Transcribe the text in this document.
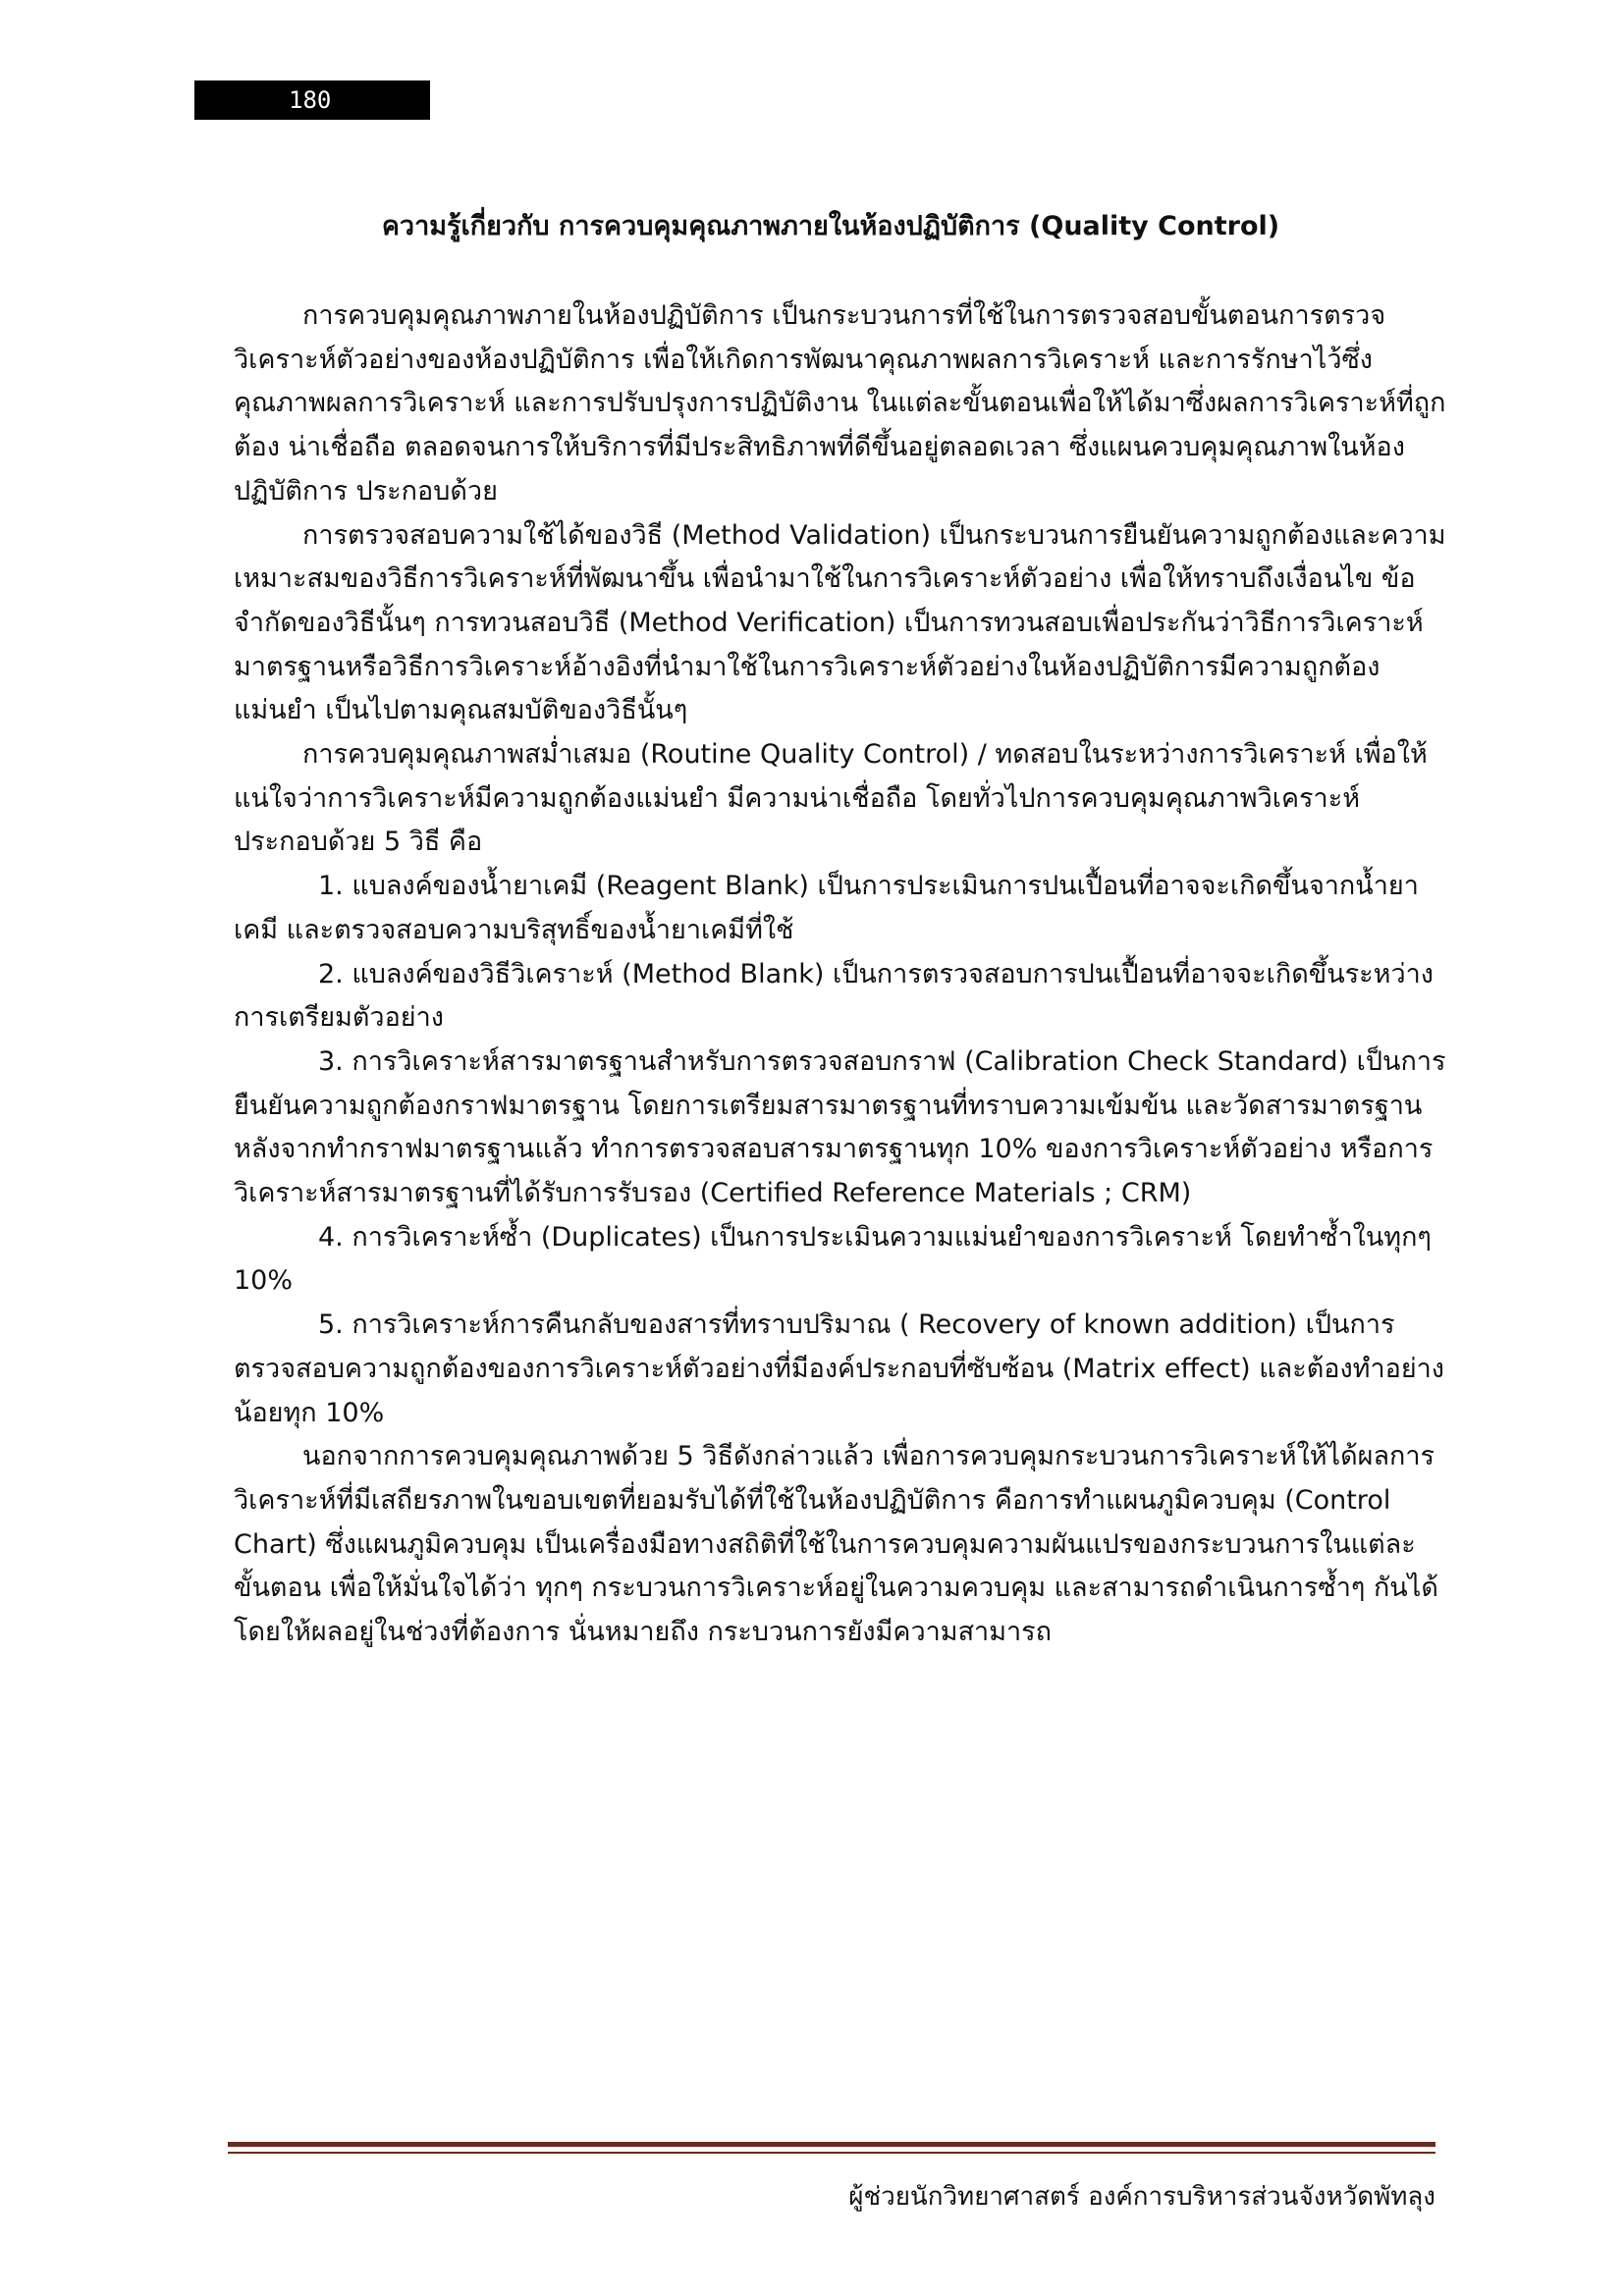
180
ความรู้เกี่ยวกับ การควบคุมคุณภาพภายในห้องปฏิบัติการ (Quality Control)

การควบคุมคุณภาพภายในห้องปฏิบัติการ เป็นกระบวนการที่ใช้ในการตรวจสอบขั้นตอนการตรวจวิเคราะห์ตัวอย่างของห้องปฏิบัติการ เพื่อให้เกิดการพัฒนาคุณภาพผลการวิเคราะห์ และการรักษาไว้ซึ่งคุณภาพผลการวิเคราะห์ และการปรับปรุงการปฏิบัติงาน ในแต่ละขั้นตอนเพื่อให้ได้มาซึ่งผลการวิเคราะห์ที่ถูกต้อง น่าเชื่อถือ ตลอดจนการให้บริการที่มีประสิทธิภาพที่ดีขึ้นอยู่ตลอดเวลา ซึ่งแผนควบคุมคุณภาพในห้องปฏิบัติการ ประกอบด้วย

การตรวจสอบความใช้ได้ของวิธี (Method Validation) เป็นกระบวนการยืนยันความถูกต้องและความเหมาะสมของวิธีการวิเคราะห์ที่พัฒนาขึ้น เพื่อนำมาใช้ในการวิเคราะห์ตัวอย่าง เพื่อให้ทราบถึงเงื่อนไข ข้อจำกัดของวิธีนั้นๆ การทวนสอบวิธี (Method Verification) เป็นการทวนสอบเพื่อประกันว่าวิธีการวิเคราะห์มาตรฐานหรือวิธีการวิเคราะห์อ้างอิงที่นำมาใช้ในการวิเคราะห์ตัวอย่างในห้องปฏิบัติการมีความถูกต้องแม่นยำ เป็นไปตามคุณสมบัติของวิธีนั้นๆ

การควบคุมคุณภาพสม่ำเสมอ (Routine Quality Control) / ทดสอบในระหว่างการวิเคราะห์ เพื่อให้แน่ใจว่าการวิเคราะห์มีความถูกต้องแม่นยำ มีความน่าเชื่อถือ โดยทั่วไปการควบคุมคุณภาพวิเคราะห์ประกอบด้วย 5 วิธี คือ

1. แบลงค์ของน้ำยาเคมี (Reagent Blank) เป็นการประเมินการปนเปื้อนที่อาจจะเกิดขึ้นจากน้ำยาเคมี และตรวจสอบความบริสุทธิ์ของน้ำยาเคมีที่ใช้

2. แบลงค์ของวิธีวิเคราะห์ (Method Blank) เป็นการตรวจสอบการปนเปื้อนที่อาจจะเกิดขึ้นระหว่างการเตรียมตัวอย่าง

3. การวิเคราะห์สารมาตรฐานสำหรับการตรวจสอบกราฟ (Calibration Check Standard) เป็นการยืนยันความถูกต้องกราฟมาตรฐาน โดยการเตรียมสารมาตรฐานที่ทราบความเข้มข้น และวัดสารมาตรฐานหลังจากทำกราฟมาตรฐานแล้ว ทำการตรวจสอบสารมาตรฐานทุก 10% ของการวิเคราะห์ตัวอย่าง หรือการวิเคราะห์สารมาตรฐานที่ได้รับการรับรอง (Certified Reference Materials ; CRM)

4. การวิเคราะห์ซ้ำ (Duplicates) เป็นการประเมินความแม่นยำของการวิเคราะห์ โดยทำซ้ำในทุกๆ 10%

5. การวิเคราะห์การคืนกลับของสารที่ทราบปริมาณ ( Recovery of known addition) เป็นการตรวจสอบความถูกต้องของการวิเคราะห์ตัวอย่างที่มีองค์ประกอบที่ซับซ้อน (Matrix effect) และต้องทำอย่างน้อยทุก 10%

นอกจากการควบคุมคุณภาพด้วย 5 วิธีดังกล่าวแล้ว เพื่อการควบคุมกระบวนการวิเคราะห์ให้ได้ผลการวิเคราะห์ที่มีเสถียรภาพในขอบเขตที่ยอมรับได้ที่ใช้ในห้องปฏิบัติการ คือการทำแผนภูมิควบคุม (Control Chart) ซึ่งแผนภูมิควบคุม เป็นเครื่องมือทางสถิติที่ใช้ในการควบคุมความผันแปรของกระบวนการในแต่ละขั้นตอน เพื่อให้มั่นใจได้ว่า ทุกๆ กระบวนการวิเคราะห์อยู่ในความควบคุม และสามารถดำเนินการซ้ำๆ กันได้โดยให้ผลอยู่ในช่วงที่ต้องการ นั่นหมายถึง กระบวนการยังมีความสามารถ

ผู้ช่วยนักวิทยาศาสตร์ องค์การบริหารส่วนจังหวัดพัทลุง
